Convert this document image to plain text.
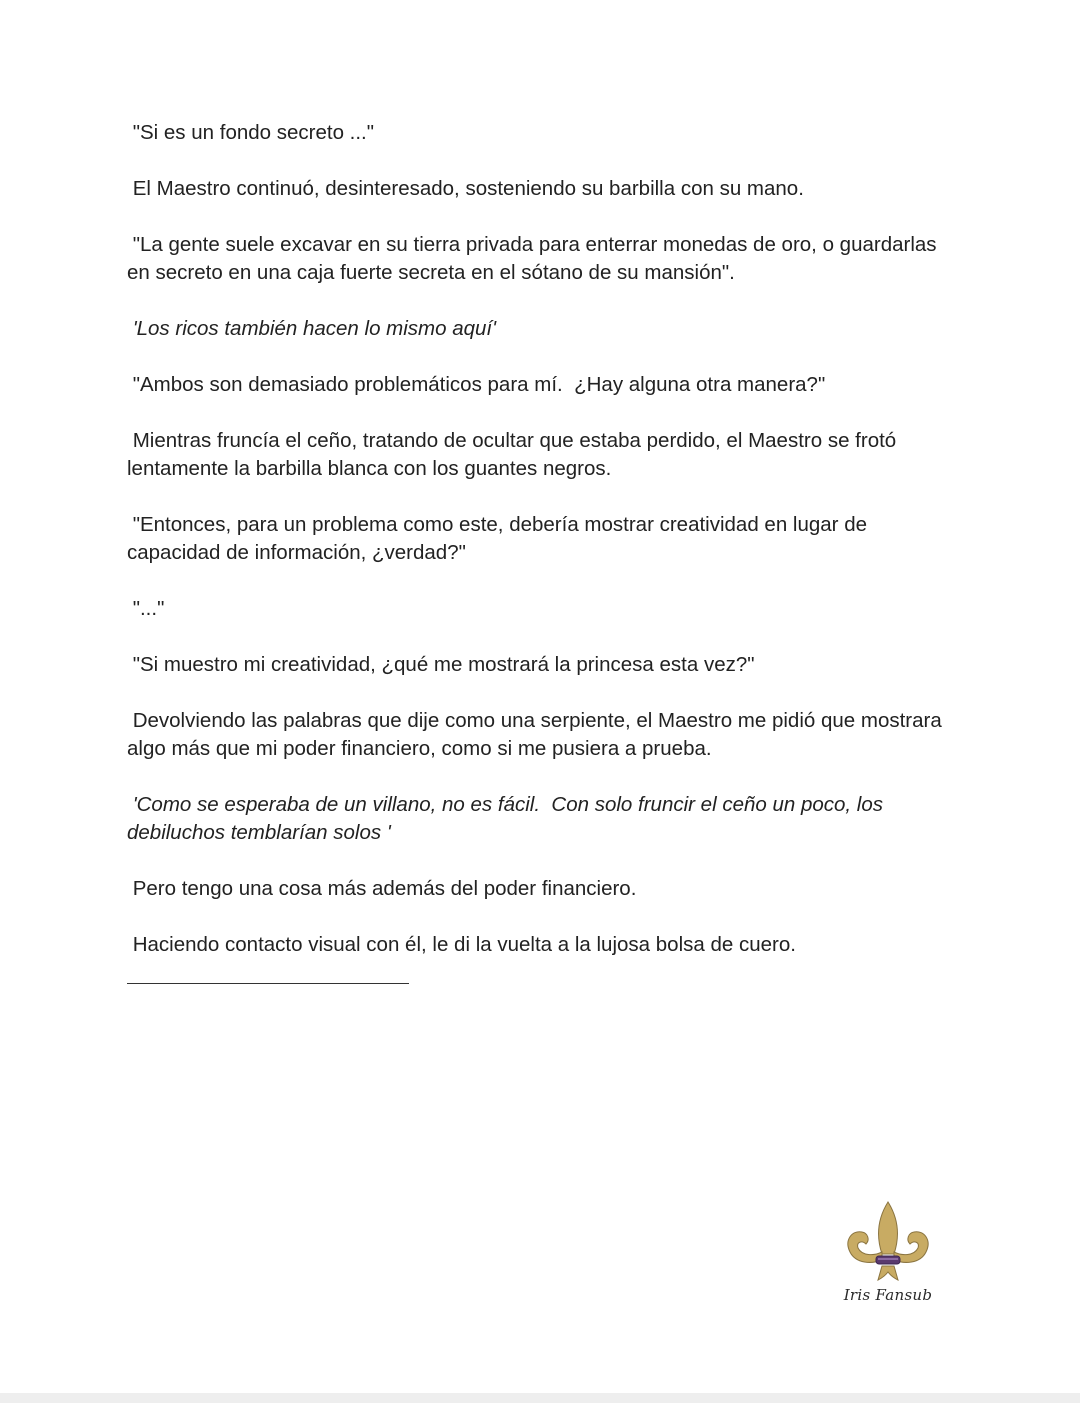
"Si es un fondo secreto ..."

El Maestro continuó, desinteresado, sosteniendo su barbilla con su mano.

"La gente suele excavar en su tierra privada para enterrar monedas de oro, o guardarlas en secreto en una caja fuerte secreta en el sótano de su mansión".

'Los ricos también hacen lo mismo aquí'

"Ambos son demasiado problemáticos para mí.  ¿Hay alguna otra manera?"

Mientras fruncía el ceño, tratando de ocultar que estaba perdido, el Maestro se frotó lentamente la barbilla blanca con los guantes negros.

"Entonces, para un problema como este, debería mostrar creatividad en lugar de capacidad de información, ¿verdad?"

"..."

"Si muestro mi creatividad, ¿qué me mostrará la princesa esta vez?"

Devolviendo las palabras que dije como una serpiente, el Maestro me pidió que mostrara algo más que mi poder financiero, como si me pusiera a prueba.

'Como se esperaba de un villano, no es fácil.  Con solo fruncir el ceño un poco, los debiluchos temblarían solos '

Pero tengo una cosa más además del poder financiero.

Haciendo contacto visual con él, le di la vuelta a la lujosa bolsa de cuero.

Iris Fansub
